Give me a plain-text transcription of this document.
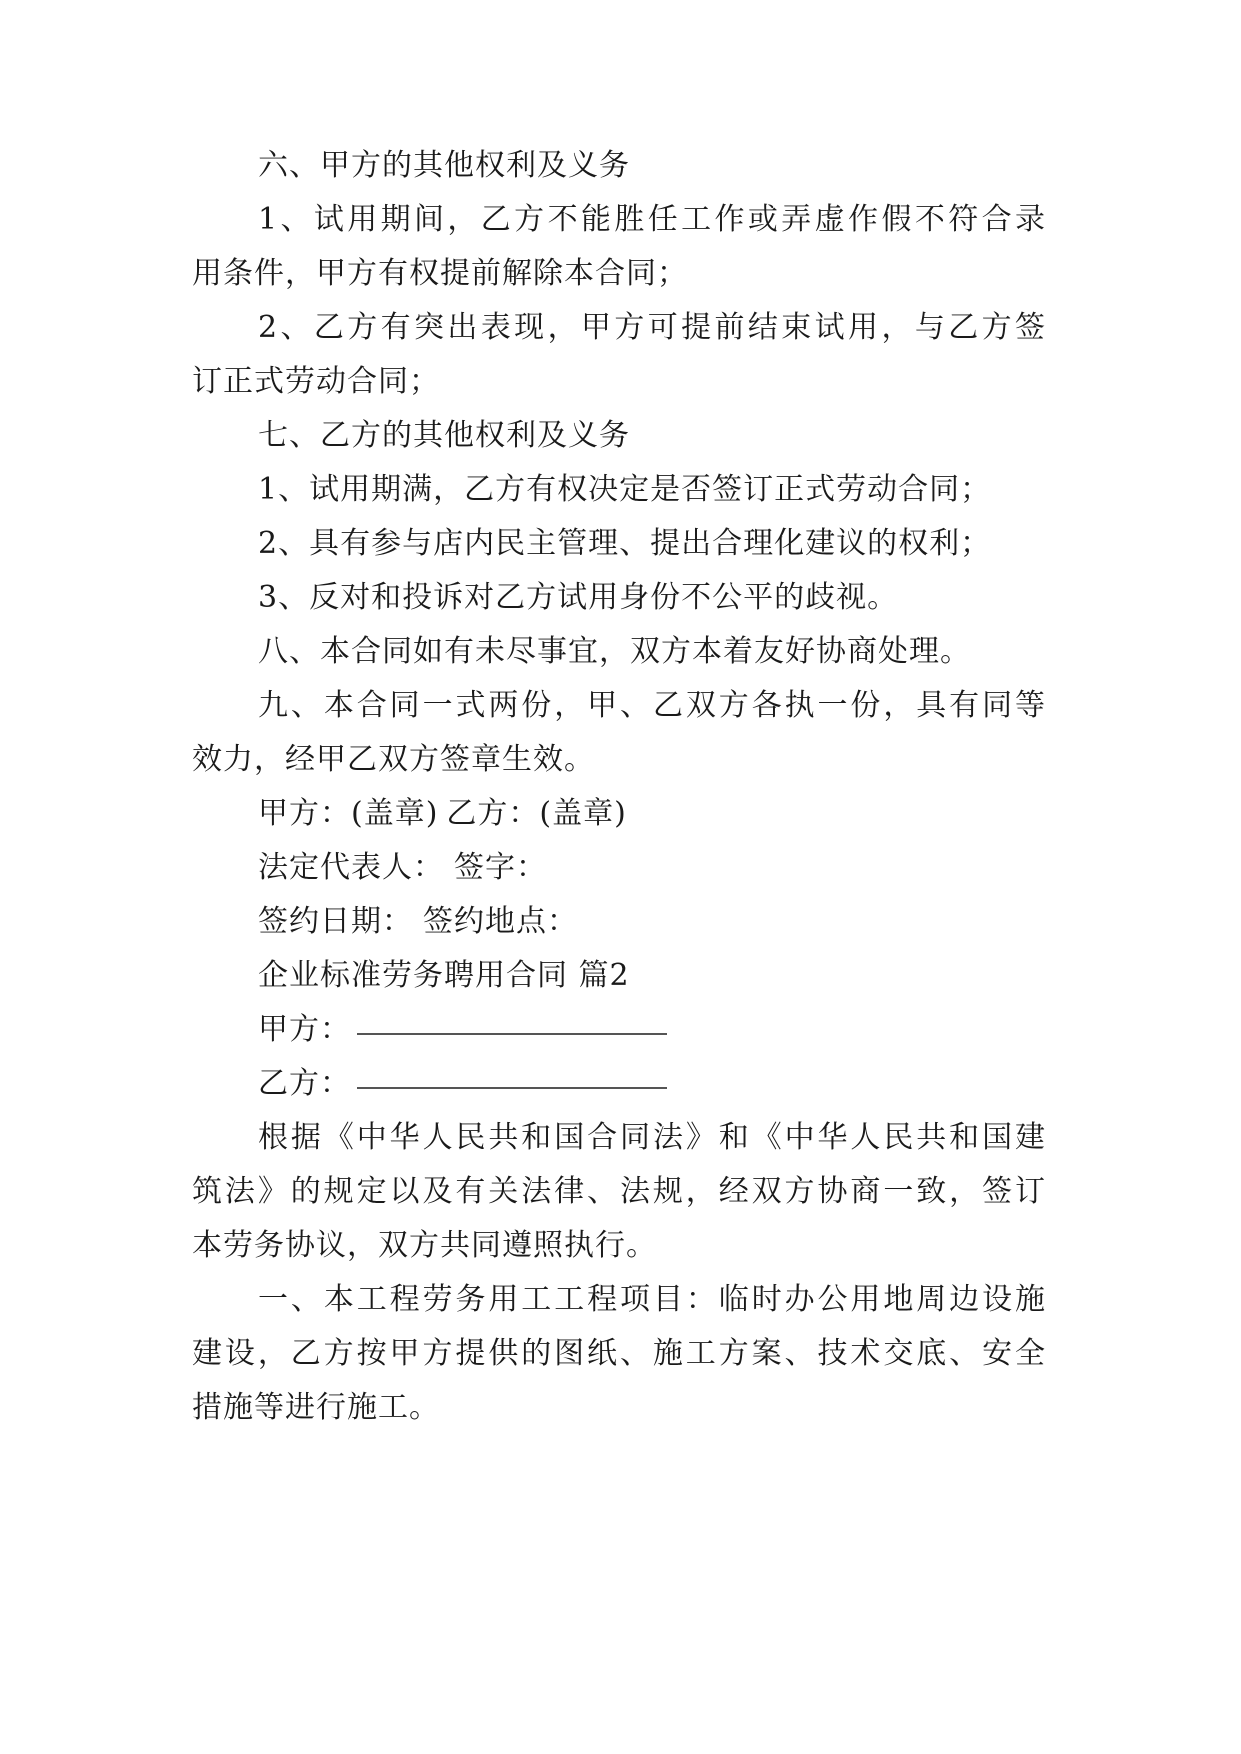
六、甲方的其他权利及义务
1、试用期间，乙方不能胜任工作或弄虚作假不符合录
用条件，甲方有权提前解除本合同；
2、乙方有突出表现，甲方可提前结束试用，与乙方签
订正式劳动合同；
七、乙方的其他权利及义务
1、试用期满，乙方有权决定是否签订正式劳动合同；
2、具有参与店内民主管理、提出合理化建议的权利；
3、反对和投诉对乙方试用身份不公平的歧视。
八、本合同如有未尽事宜，双方本着友好协商处理。
九、本合同一式两份，甲、乙双方各执一份，具有同等
效力，经甲乙双方签章生效。
甲方：(盖章) 乙方：(盖章)
法定代表人： 签字：
签约日期： 签约地点：
企业标准劳务聘用合同 篇2
甲方：
乙方：
根据《中华人民共和国合同法》和《中华人民共和国建
筑法》的规定以及有关法律、法规，经双方协商一致，签订
本劳务协议，双方共同遵照执行。
一、本工程劳务用工工程项目：临时办公用地周边设施
建设，乙方按甲方提供的图纸、施工方案、技术交底、安全
措施等进行施工。
